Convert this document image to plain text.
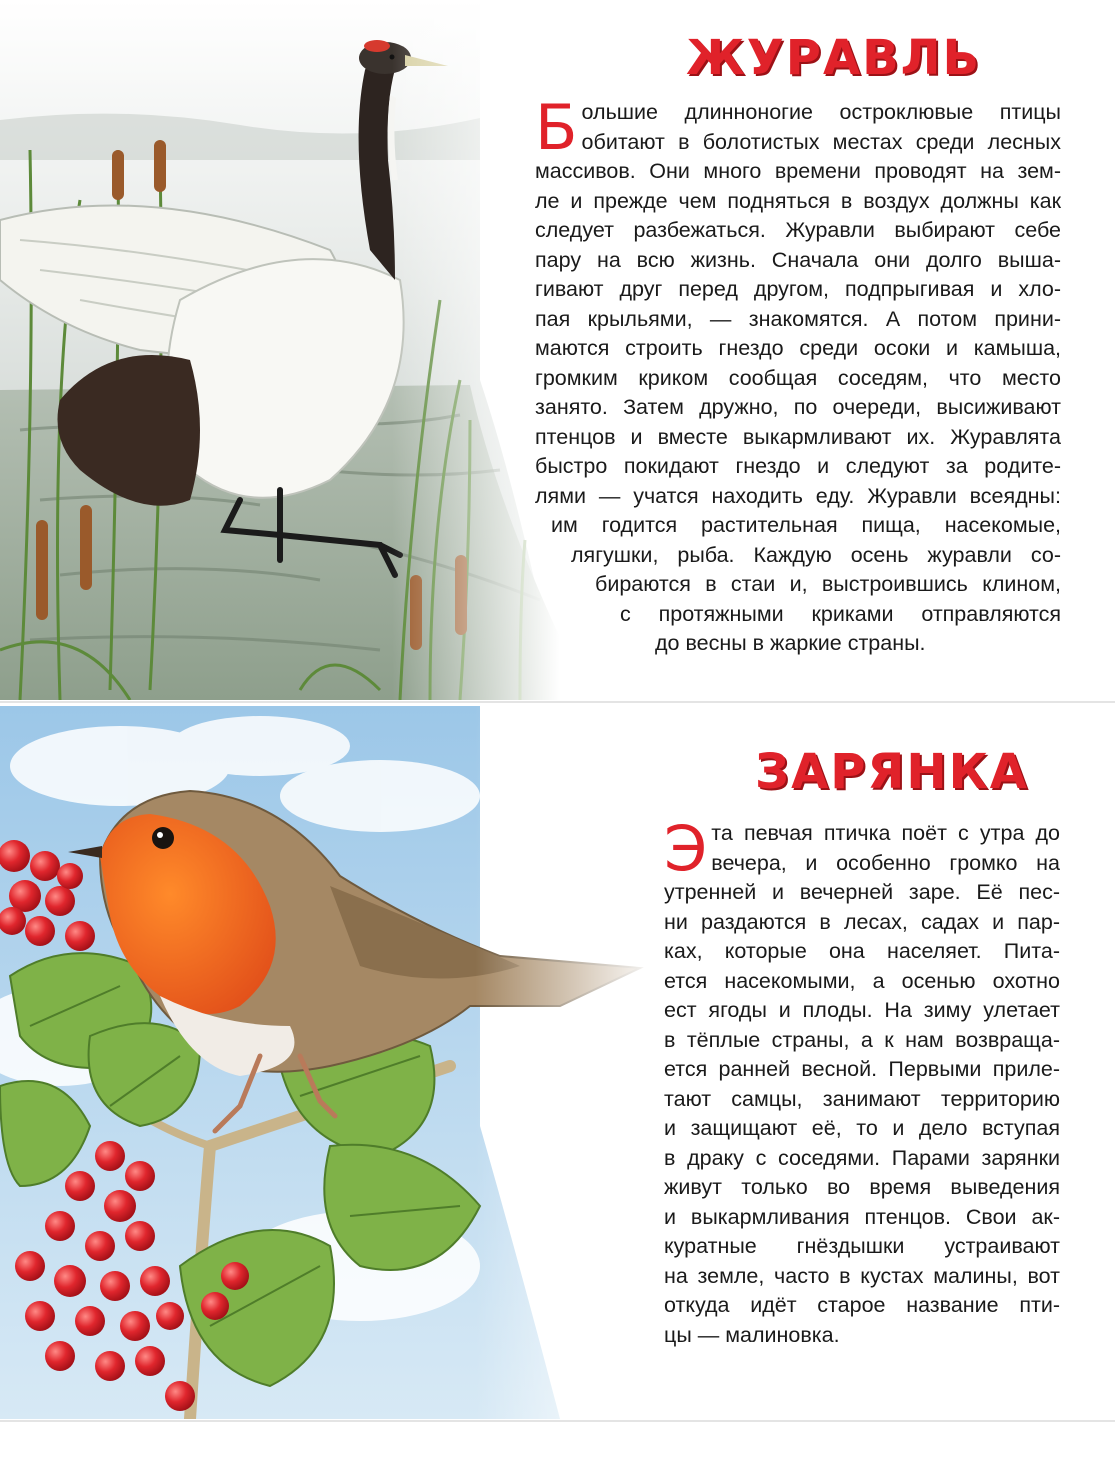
ЖУРАВЛЬ
Б ольшие длинноногие остроклювые птицы
обитают в болотистых местах среди лесных
массивов. Они много времени проводят на зем-
ле и прежде чем подняться в воздух должны как
следует разбежаться. Журавли выбирают себе
пару на всю жизнь. Сначала они долго выша-
гивают друг перед другом, подпрыгивая и хло-
пая крыльями, — знакомятся. А потом прини-
маются строить гнездо среди осоки и камыша,
громким криком сообщая соседям, что место
занято. Затем дружно, по очереди, высиживают
птенцов и вместе выкармливают их. Журавлята
быстро покидают гнездо и следуют за родите-
лями — учатся находить еду. Журавли всеядны:
им годится растительная пища, насекомые,
лягушки, рыба. Каждую осень журавли со-
бираются в стаи и, выстроившись клином,
с протяжными криками отправляются
до весны в жаркие страны.
ЗАРЯНКА
Э та певчая птичка поёт с утра до
вечера, и особенно громко на
утренней и вечерней заре. Её пес-
ни раздаются в лесах, садах и пар-
ках, которые она населяет. Пита-
ется насекомыми, а осенью охотно
ест ягоды и плоды. На зиму улетает
в тёплые страны, а к нам возвраща-
ется ранней весной. Первыми приле-
тают самцы, занимают территорию
и защищают её, то и дело вступая
в драку с соседями. Парами зарянки
живут только во время выведения
и выкармливания птенцов. Свои ак-
куратные гнёздышки устраивают
на земле, часто в кустах малины, вот
откуда идёт старое название пти-
цы — малиновка.
